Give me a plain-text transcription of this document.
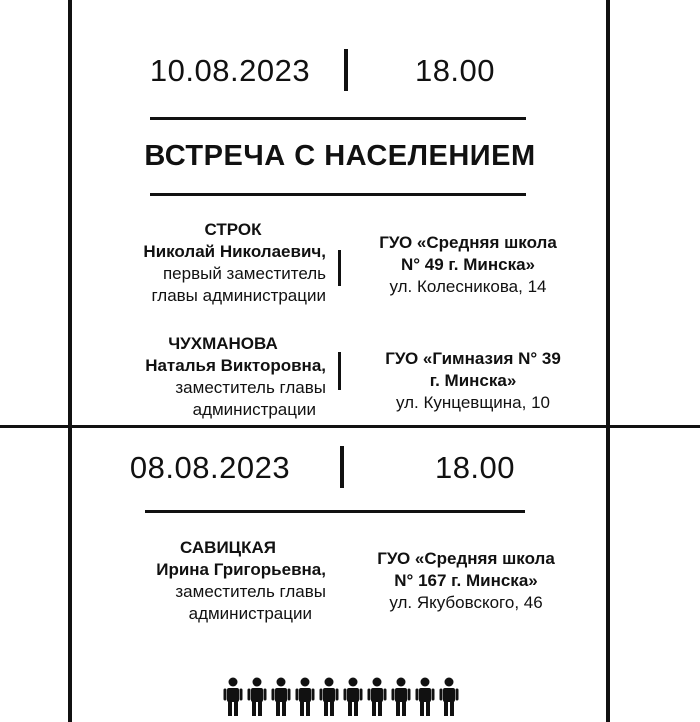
10.08.2023	18.00
ВСТРЕЧА С НАСЕЛЕНИЕМ
СТРОК
Николай Николаевич,
первый заместитель
главы администрации
ГУО «Средняя школа
N° 49 г. Минска»
ул. Колесникова, 14
ЧУХМАНОВА
Наталья Викторовна,
заместитель главы
администрации
ГУО «Гимназия N° 39
г. Минска»
ул. Кунцевщина, 10
08.08.2023	18.00
САВИЦКАЯ
Ирина Григорьевна,
заместитель главы
администрации
ГУО «Средняя школа
N° 167 г. Минска»
ул. Якубовского, 46
